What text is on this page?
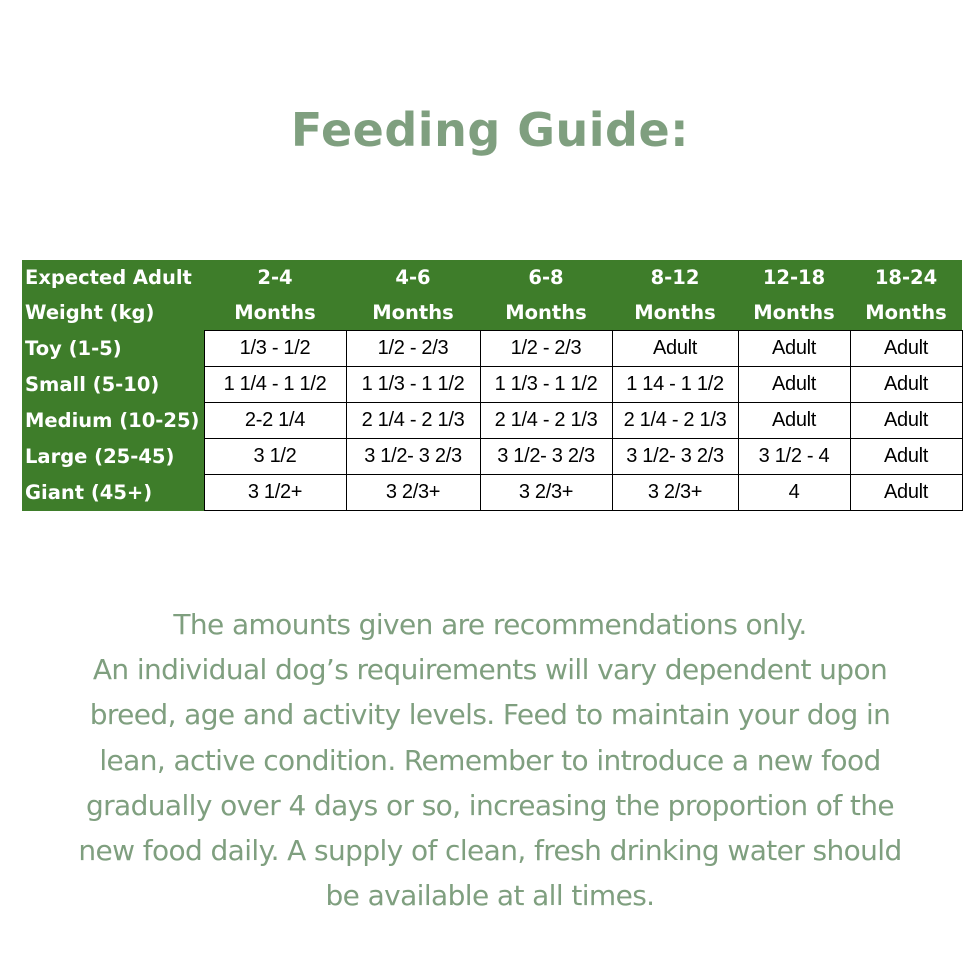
Feeding Guide:
Expected Adult	2-4	4-6	6-8	8-12	12-18	18-24
Weight (kg)	Months	Months	Months	Months	Months	Months
Toy (1-5)	1/3 - 1/2	1/2 - 2/3	1/2 - 2/3	Adult	Adult	Adult
Small (5-10)	1 1/4 - 1 1/2	1 1/3 - 1 1/2	1 1/3 - 1 1/2	1 14 - 1 1/2	Adult	Adult
Medium (10-25)	2-2 1/4	2 1/4 - 2 1/3	2 1/4 - 2 1/3	2 1/4 - 2 1/3	Adult	Adult
Large (25-45)	3 1/2	3 1/2- 3 2/3	3 1/2- 3 2/3	3 1/2- 3 2/3	3 1/2 - 4	Adult
Giant (45+)	3 1/2+	3 2/3+	3 2/3+	3 2/3+	4	Adult
The amounts given are recommendations only.
An individual dog’s requirements will vary dependent upon
breed, age and activity levels. Feed to maintain your dog in
lean, active condition. Remember to introduce a new food
gradually over 4 days or so, increasing the proportion of the
new food daily. A supply of clean, fresh drinking water should
be available at all times.
